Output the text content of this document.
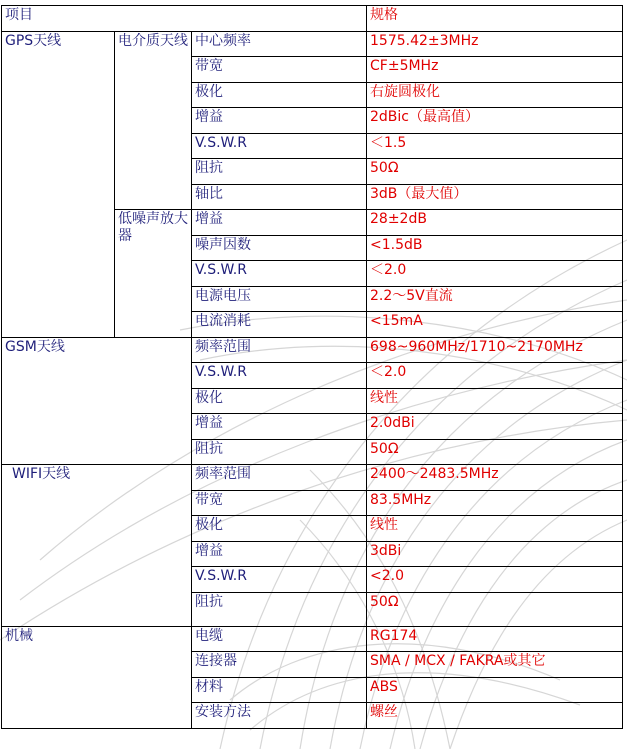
项目			规格
GPS天线	电介质天线	中心频率	1575.42±3MHz
		带宽	CF±5MHz
		极化	右旋圆极化
		增益	2dBic（最高值）
		V.S.W.R	＜1.5
		阻抗	50Ω
		轴比	3dB（最大值）
	低噪声放大器	增益	28±2dB
		噪声因数	<1.5dB
		V.S.W.R	＜2.0
		电源电压	2.2～5V直流
		电流消耗	<15mA
GSM天线		频率范围	698~960MHz/1710~2170MHz
		V.S.W.R	＜2.0
		极化	线性
		增益	2.0dBi
		阻抗	50Ω
WIFI天线		频率范围	2400～2483.5MHz
		带宽	83.5MHz
		极化	线性
		增益	3dBi
		V.S.W.R	<2.0
		阻抗	50Ω
机械		电缆	RG174
		连接器	SMA / MCX / FAKRA或其它
		材料	ABS
		安装方法	螺丝
